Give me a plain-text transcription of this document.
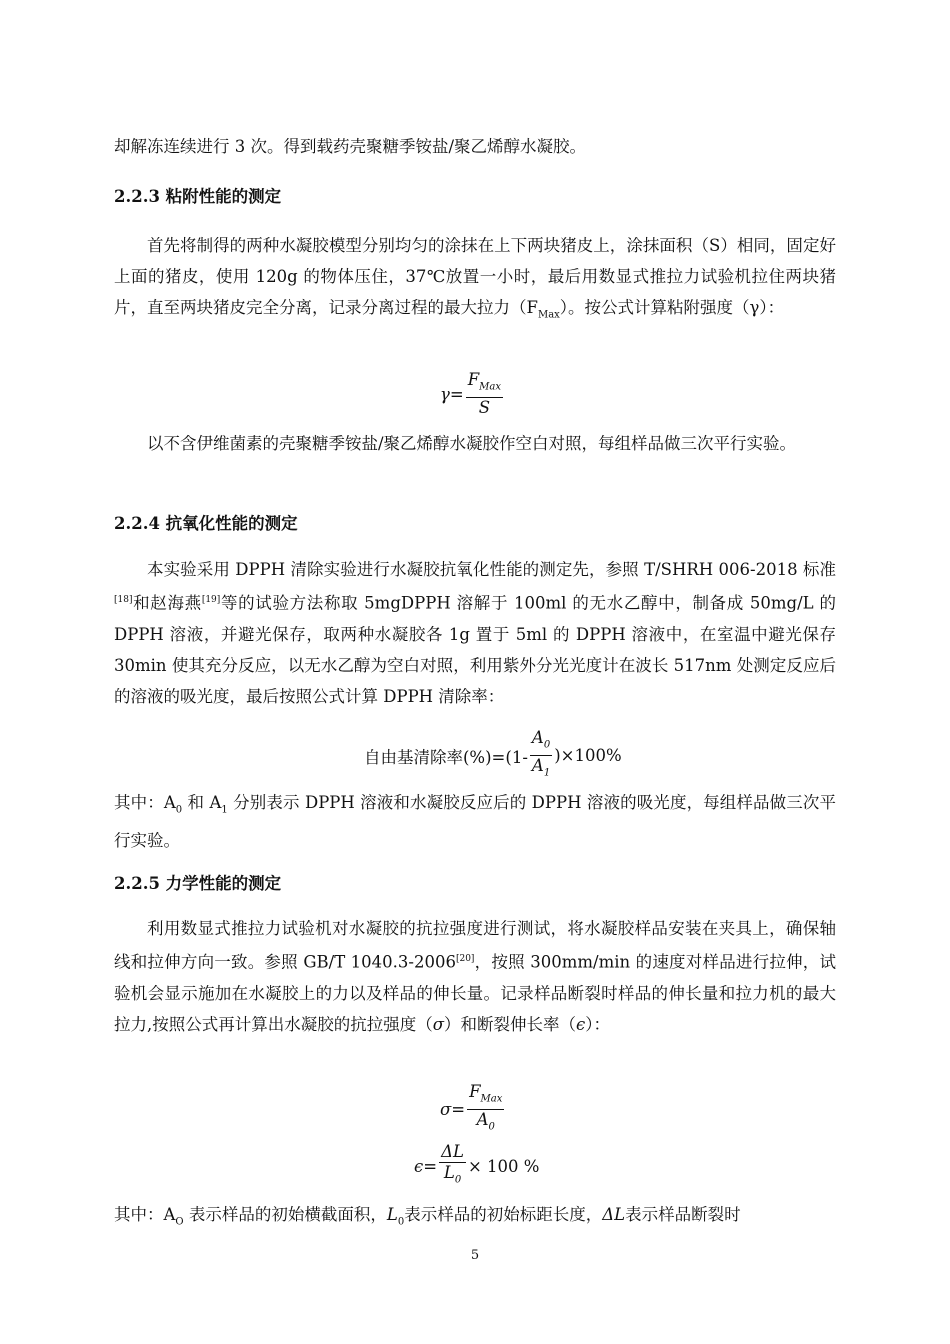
却解冻连续进行 3 次。得到载药壳聚糖季铵盐/聚乙烯醇水凝胶。
2.2.3 粘附性能的测定
首先将制得的两种水凝胶模型分别均匀的涂抹在上下两块猪皮上，涂抹面积（S）相同，固定好上面的猪皮，使用 120g 的物体压住，37℃放置一小时，最后用数显式推拉力试验机拉住两块猪片，直至两块猪皮完全分离，记录分离过程的最大拉力$(F_{Max})$。按公式计算粘附强度（γ）：
$\gamma = \frac{F_{Max}}{S}$
以不含伊维菌素的壳聚糖季铵盐/聚乙烯醇水凝胶作空白对照，每组样品做三次平行实验。
2.2.4 抗氧化性能的测定
本实验采用 DPPH 清除实验进行水凝胶抗氧化性能的测定先，参照 T/SHRH 006-2018 标准[18]和赵海燕[19]等的试验方法称取 5mgDPPH 溶解于 100ml 的无水乙醇中，制备成 50mg/L 的 DPPH 溶液，并避光保存，取两种水凝胶各 1g 置于 5ml 的 DPPH 溶液中，在室温中避光保存 30min 使其充分反应，以无水乙醇为空白对照，利用紫外分光光度计在波长 517nm 处测定反应后的溶液的吸光度，最后按照公式计算 DPPH 清除率：
自由基清除率$(\%)=(1- \frac{A_0}{A_1} )\times 100\%$
其中：$A_0$ 和 $A_1$ 分别表示 DPPH 溶液和水凝胶反应后的 DPPH 溶液的吸光度，每组样品做三次平行实验。
2.2.5 力学性能的测定
利用数显式推拉力试验机对水凝胶的抗拉强度进行测试，将水凝胶样品安装在夹具上，确保轴线和拉伸方向一致。参照 GB/T 1040.3-2006[20]，按照 300mm/min 的速度对样品进行拉伸，试验机会显示施加在水凝胶上的力以及样品的伸长量。记录样品断裂时样品的伸长量和拉力机的最大拉力,按照公式再计算出水凝胶的抗拉强度（σ）和断裂伸长率（ϵ）：
$\sigma = \frac{F_{Max}}{A_0}$
$\epsilon = \frac{\Delta L}{L_0} \times 100$ %
其中：$A_O$ 表示样品的初始横截面积，$L_0$表示样品的初始标距长度，ΔL表示样品断裂时
5
